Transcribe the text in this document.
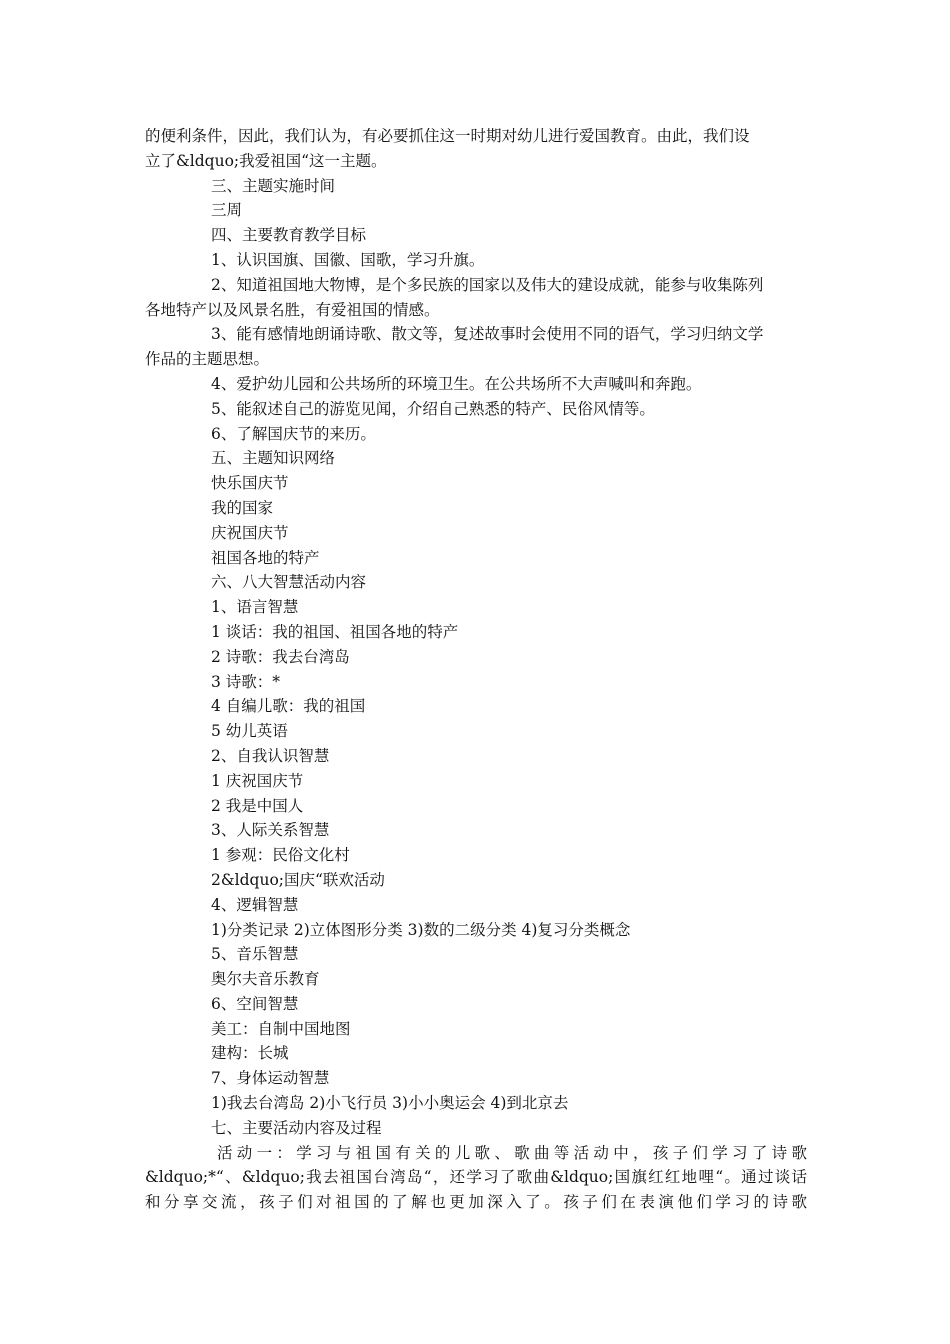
的便利条件，因此，我们认为，有必要抓住这一时期对幼儿进行爱国教育。由此，我们设
立了&ldquo;我爱祖国“这一主题。
三、主题实施时间
三周
四、主要教育教学目标
1、认识国旗、国徽、国歌，学习升旗。
2、知道祖国地大物博，是个多民族的国家以及伟大的建设成就，能参与收集陈列
各地特产以及风景名胜，有爱祖国的情感。
3、能有感情地朗诵诗歌、散文等，复述故事时会使用不同的语气，学习归纳文学
作品的主题思想。
4、爱护幼儿园和公共场所的环境卫生。在公共场所不大声喊叫和奔跑。
5、能叙述自己的游览见闻，介绍自己熟悉的特产、民俗风情等。
6、了解国庆节的来历。
五、主题知识网络
快乐国庆节
我的国家
庆祝国庆节
祖国各地的特产
六、八大智慧活动内容
1、语言智慧
1 谈话：我的祖国、祖国各地的特产
2 诗歌：我去台湾岛
3 诗歌：*
4 自编儿歌：我的祖国
5 幼儿英语
2、自我认识智慧
1 庆祝国庆节
2 我是中国人
3、人际关系智慧
1 参观：民俗文化村
2&ldquo;国庆“联欢活动
4、逻辑智慧
1)分类记录 2)立体图形分类 3)数的二级分类 4)复习分类概念
5、音乐智慧
奥尔夫音乐教育
6、空间智慧
美工：自制中国地图
建构：长城
7、身体运动智慧
1)我去台湾岛 2)小飞行员 3)小小奥运会 4)到北京去
七、主要活动内容及过程
活动一：学习与祖国有关的儿歌、歌曲等活动中，孩子们学习了诗歌
&ldquo;*“、&ldquo;我去祖国台湾岛“，还学习了歌曲&ldquo;国旗红红地哩“。通过谈话
和分享交流，孩子们对祖国的了解也更加深入了。孩子们在表演他们学习的诗歌
